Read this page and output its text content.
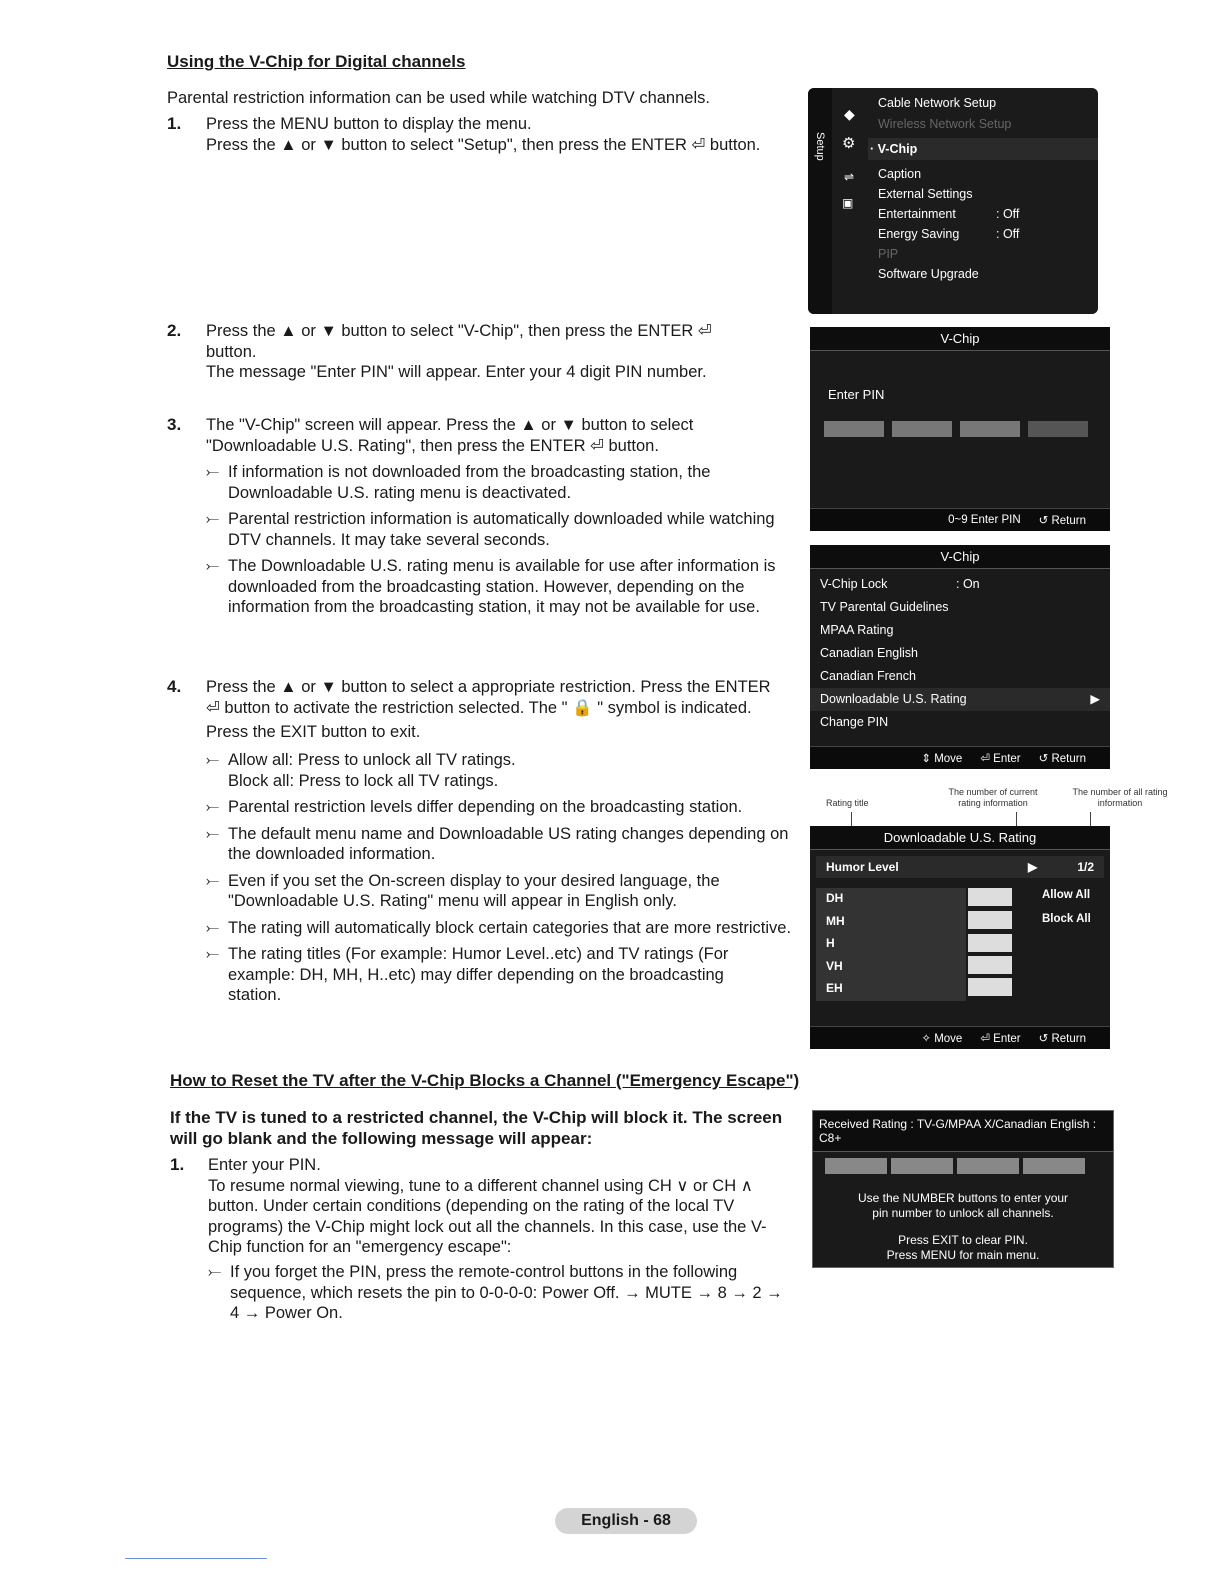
Using the V-Chip for Digital channels
Parental restriction information can be used while watching DTV channels.
1. Press the MENU button to display the menu.
Press the ▲ or ▼ button to select "Setup", then press the ENTER ⏎ button.
2. Press the ▲ or ▼ button to select "V-Chip", then press the ENTER ⏎
button.
The message "Enter PIN" will appear. Enter your 4 digit PIN number.
3. The "V-Chip" screen will appear. Press the ▲ or ▼ button to select
"Downloadable U.S. Rating", then press the ENTER ⏎ button.
⤚ If information is not downloaded from the broadcasting station, the Downloadable U.S. rating menu is deactivated.
⤚ Parental restriction information is automatically downloaded while watching DTV channels. It may take several seconds.
⤚ The Downloadable U.S. rating menu is available for use after information is downloaded from the broadcasting station. However, depending on the information from the broadcasting station, it may not be available for use.
4. Press the ▲ or ▼ button to select a appropriate restriction. Press the ENTER
⏎ button to activate the restriction selected. The " 🔒 " symbol is indicated.
Press the EXIT button to exit.
⤚ Allow all: Press to unlock all TV ratings. Block all: Press to lock all TV ratings.
⤚ Parental restriction levels differ depending on the broadcasting station.
⤚ The default menu name and Downloadable US rating changes depending on the downloaded information.
⤚ Even if you set the On-screen display to your desired language, the "Downloadable U.S. Rating" menu will appear in English only.
⤚ The rating will automatically block certain categories that are more restrictive.
⤚ The rating titles (For example: Humor Level..etc) and TV ratings (For example: DH, MH, H..etc) may differ depending on the broadcasting station.
How to Reset the TV after the V-Chip Blocks a Channel ("Emergency Escape")
If the TV is tuned to a restricted channel, the V-Chip will block it. The screen will go blank and the following message will appear:
1. Enter your PIN.
To resume normal viewing, tune to a different channel using CH ∨ or CH ∧ button. Under certain conditions (depending on the rating of the local TV programs) the V-Chip might lock out all the channels. In this case, use the V-Chip function for an "emergency escape":
⤚ If you forget the PIN, press the remote-control buttons in the following sequence, which resets the pin to 0-0-0-0: Power Off. → MUTE → 8 → 2 → 4 → Power On.
Setup
◆
⚙
⇌
▣
Cable Network Setup
Wireless Network Setup
· V-Chip
Caption
External Settings
Entertainment	: Off
Energy Saving	: Off
PIP
Software Upgrade
V-Chip
Enter PIN
0~9 Enter PIN ↺ Return
V-Chip
V-Chip Lock	: On
TV Parental Guidelines
MPAA Rating
Canadian English
Canadian French
Downloadable U.S. Rating	▶
Change PIN
⇕ Move ⏎ Enter ↺ Return
Rating title
The number of current rating information
The number of all rating information
Downloadable U.S. Rating
Humor Level	▶	1/2
DH
MH
H
VH
EH
Allow All
Block All
✧ Move ⏎ Enter ↺ Return
Received Rating : TV-G/MPAA X/Canadian English : C8+
Use the NUMBER buttons to enter your pin number to unlock all channels.
Press EXIT to clear PIN.
Press MENU for main menu.
English - 68
